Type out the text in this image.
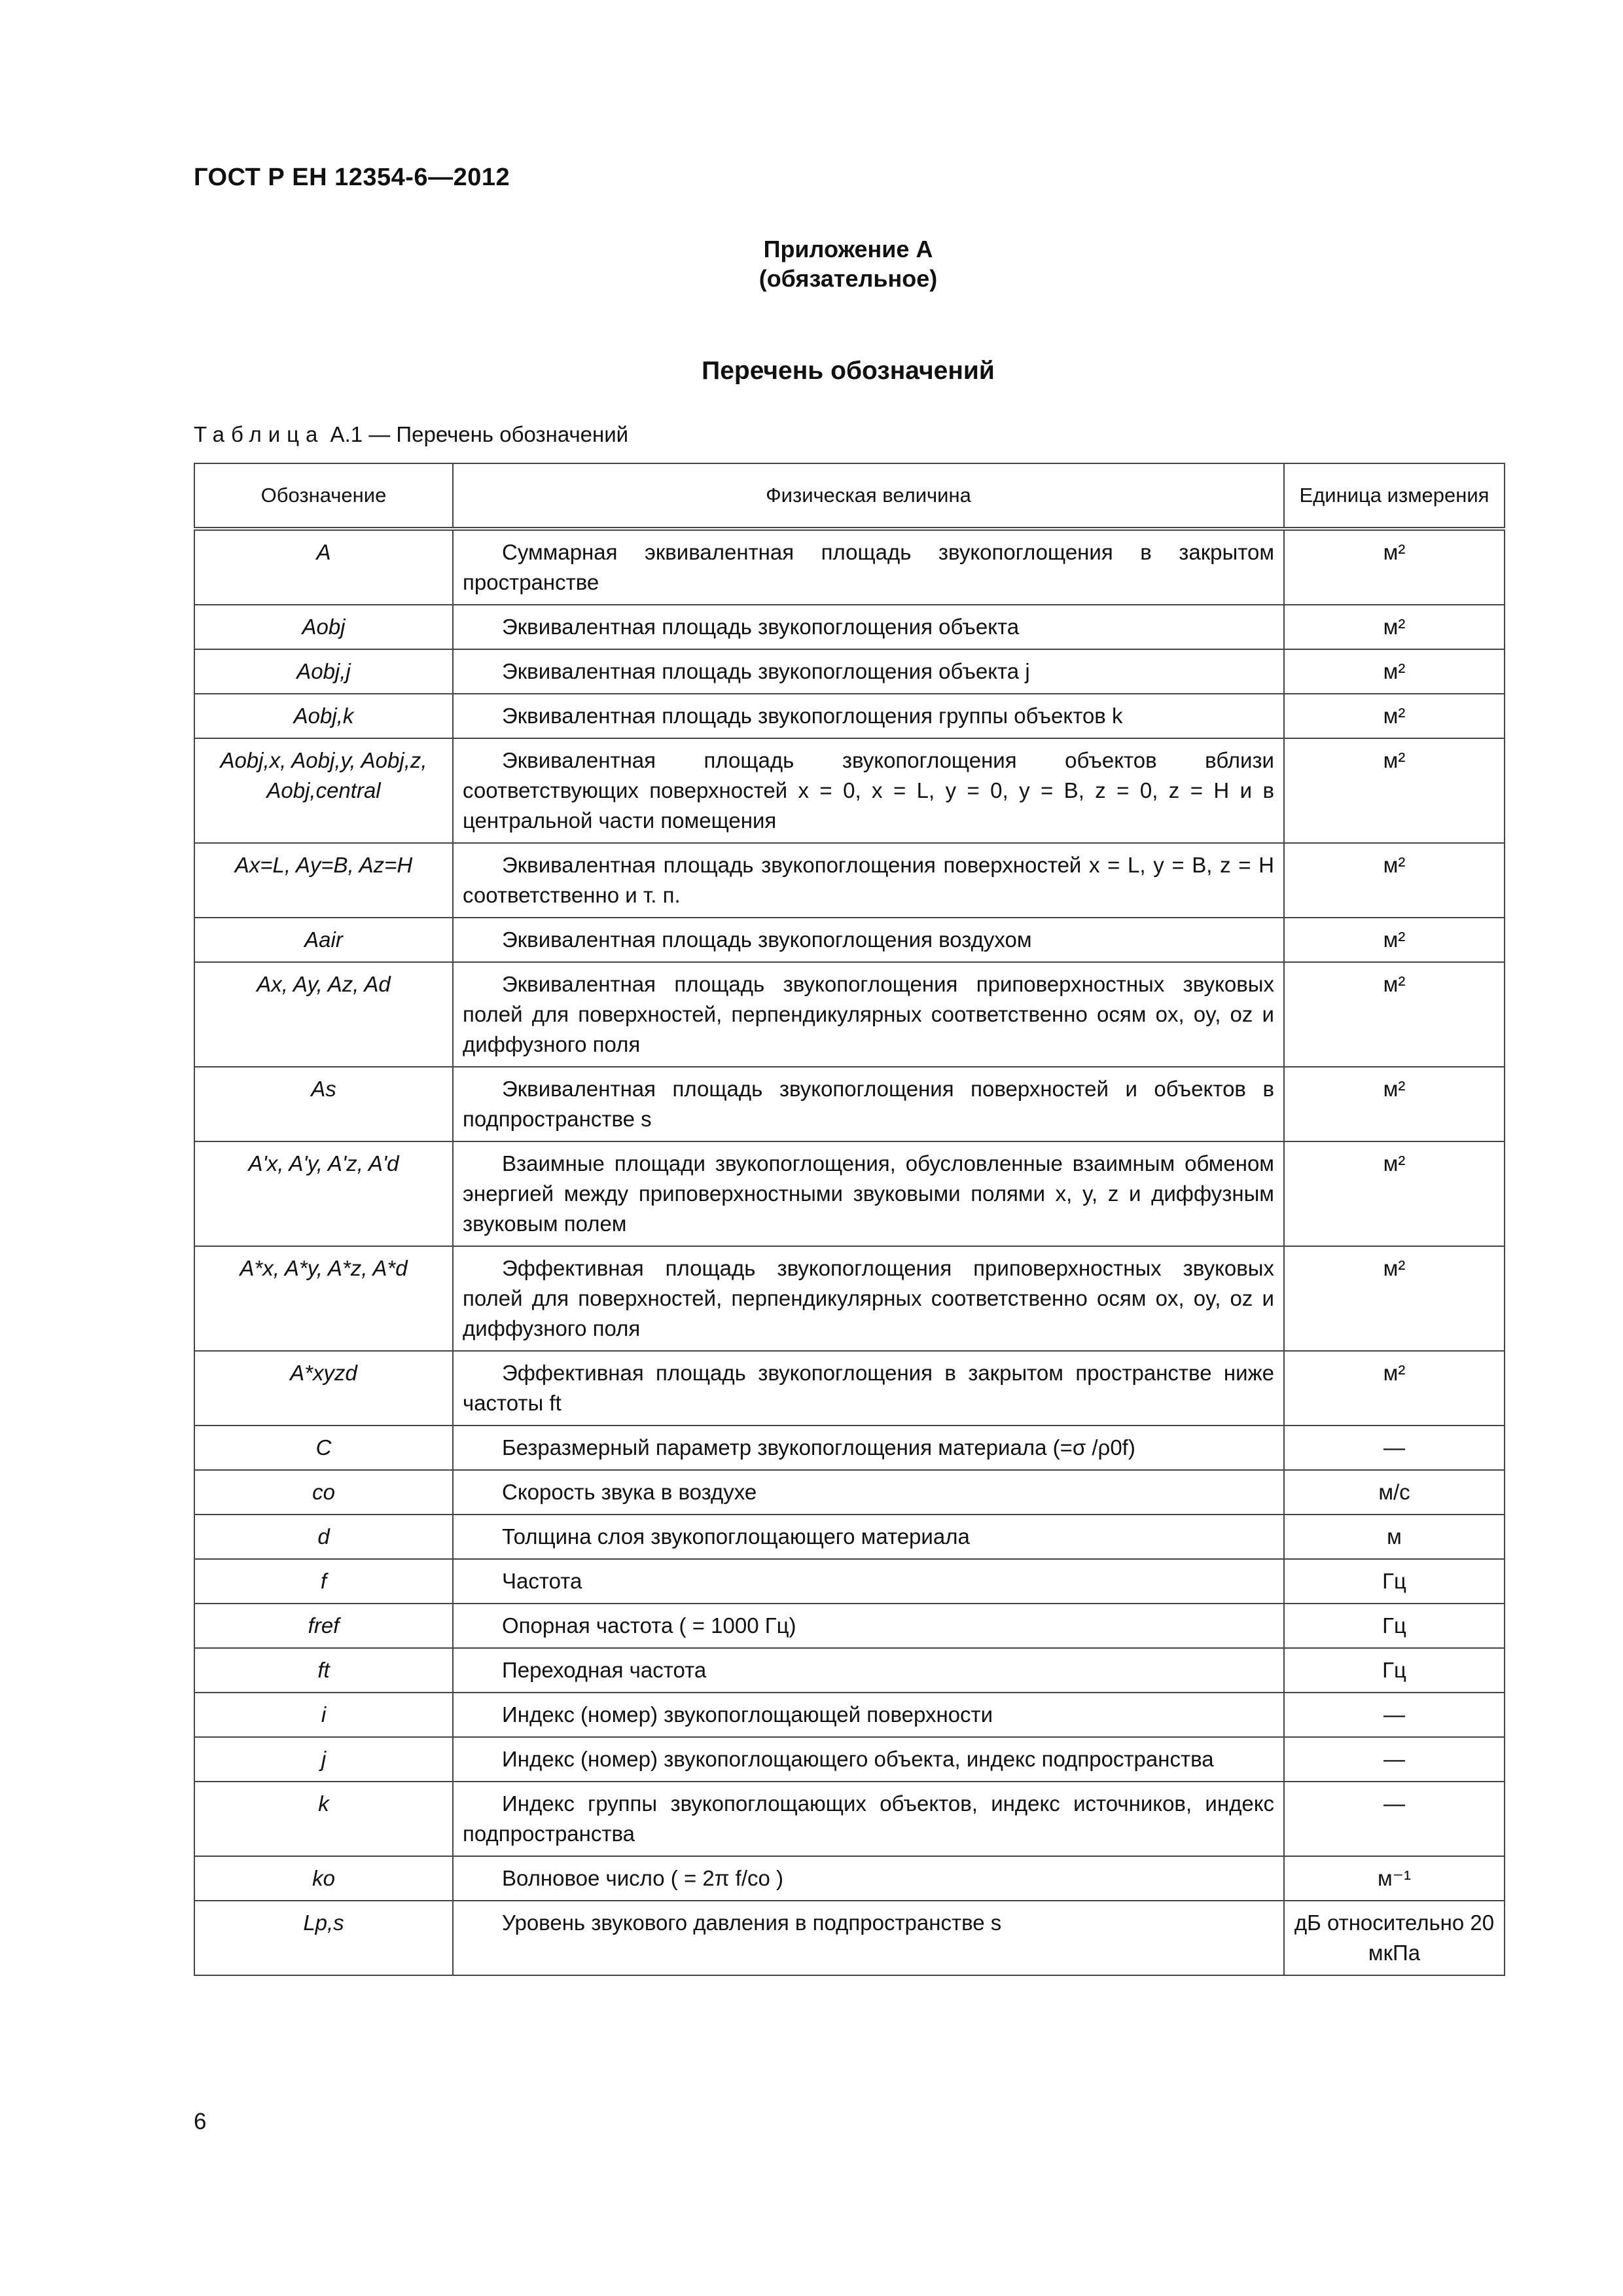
ГОСТ Р ЕН 12354-6—2012
Приложение А
(обязательное)
Перечень обозначений
Таблица А.1 — Перечень обозначений
Обозначение	Физическая величина	Единица измерения
A	Суммарная эквивалентная площадь звукопоглощения в закрытом пространстве	м²
Aobj	Эквивалентная площадь звукопоглощения объекта	м²
Aobj,j	Эквивалентная площадь звукопоглощения объекта j	м²
Aobj,k	Эквивалентная площадь звукопоглощения группы объектов k	м²
Aobj,x, Aobj,y, Aobj,z, Aobj,central	Эквивалентная площадь звукопоглощения объектов вблизи соответствующих поверхностей x = 0, x = L, y = 0, y = B, z = 0, z = H и в центральной части помещения	м²
Ax=L, Ay=B, Az=H	Эквивалентная площадь звукопоглощения поверхностей x = L, y = B, z = H соответственно и т. п.	м²
Aair	Эквивалентная площадь звукопоглощения воздухом	м²
Ax, Ay, Az, Ad	Эквивалентная площадь звукопоглощения приповерхностных звуковых полей для поверхностей, перпендикулярных соответственно осям ox, oy, oz и диффузного поля	м²
As	Эквивалентная площадь звукопоглощения поверхностей и объектов в подпространстве s	м²
A'x, A'y, A'z, A'd	Взаимные площади звукопоглощения, обусловленные взаимным обменом энергией между приповерхностными звуковыми полями x, y, z и диффузным звуковым полем	м²
A*x, A*y, A*z, A*d	Эффективная площадь звукопоглощения приповерхностных звуковых полей для поверхностей, перпендикулярных соответственно осям ox, oy, oz и диффузного поля	м²
A*xyzd	Эффективная площадь звукопоглощения в закрытом пространстве ниже частоты ft	м²
C	Безразмерный параметр звукопоглощения материала (=σ /ρ0f)	—
co	Скорость звука в воздухе	м/с
d	Толщина слоя звукопоглощающего материала	м
f	Частота	Гц
fref	Опорная частота ( = 1000 Гц)	Гц
ft	Переходная частота	Гц
i	Индекс (номер) звукопоглощающей поверхности	—
j	Индекс (номер) звукопоглощающего объекта, индекс подпространства	—
k	Индекс группы звукопоглощающих объектов, индекс источников, индекс подпространства	—
ko	Волновое число ( = 2π f/co )	м⁻¹
Lp,s	Уровень звукового давления в подпространстве s	дБ относительно 20 мкПа
6
